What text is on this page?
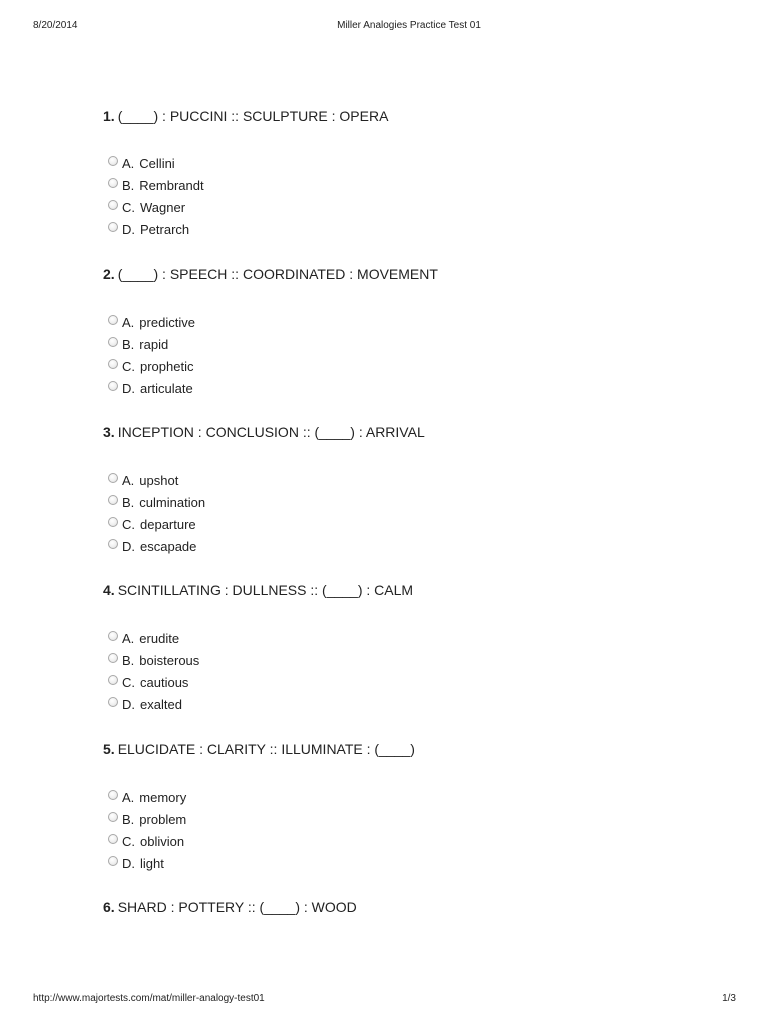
8/20/2014	Miller Analogies Practice Test 01
1. (____) : PUCCINI :: SCULPTURE : OPERA
A. Cellini
B. Rembrandt
C. Wagner
D. Petrarch
2. (____) : SPEECH :: COORDINATED : MOVEMENT
A. predictive
B. rapid
C. prophetic
D. articulate
3. INCEPTION : CONCLUSION :: (____) : ARRIVAL
A. upshot
B. culmination
C. departure
D. escapade
4. SCINTILLATING : DULLNESS :: (____) : CALM
A. erudite
B. boisterous
C. cautious
D. exalted
5. ELUCIDATE : CLARITY :: ILLUMINATE : (____)
A. memory
B. problem
C. oblivion
D. light
6. SHARD : POTTERY :: (____) : WOOD
http://www.majortests.com/mat/miller-analogy-test01	1/3
